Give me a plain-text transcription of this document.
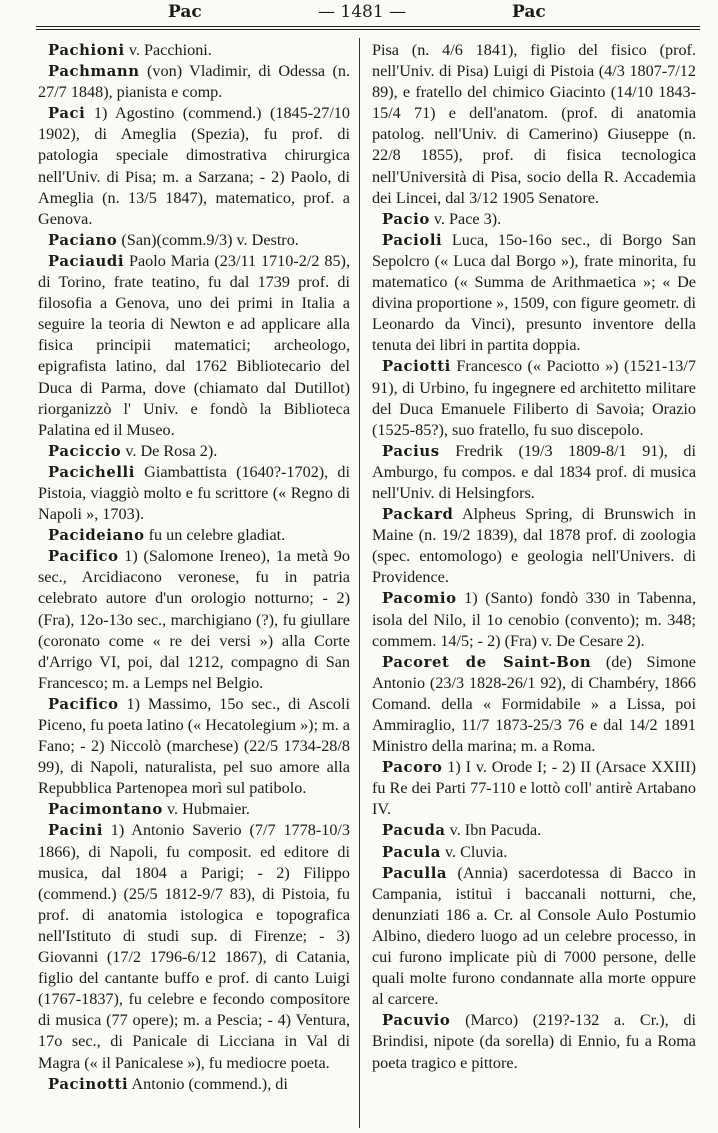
Pac	— 1481 —	Pac

Pachioni v. Pacchioni.

Pachmann (von) Vladimir, di Odessa (n. 27/7 1848), pianista e comp.

Paci 1) Agostino (commend.) (1845-27/10 1902), di Ameglia (Spezia), fu prof. di patologia speciale dimostrativa chirurgica nell'Univ. di Pisa; m. a Sarzana; - 2) Paolo, di Ameglia (n. 13/5 1847), matematico, prof. a Genova.

Paciano (San)(comm.9/3) v. Destro.

Paciaudi Paolo Maria (23/11 1710-2/2 85), di Torino, frate teatino, fu dal 1739 prof. di filosofia a Genova, uno dei primi in Italia a seguire la teoria di Newton e ad applicare alla fisica principii matematici; archeologo, epigrafista latino, dal 1762 Bibliotecario del Duca di Parma, dove (chiamato dal Dutillot) riorganizzò l' Univ. e fondò la Biblioteca Palatina ed il Museo.

Paciccio v. De Rosa 2).

Pacichelli Giambattista (1640?-1702), di Pistoia, viaggiò molto e fu scrittore (« Regno di Napoli », 1703).

Pacideiano fu un celebre gladiat.

Pacifico 1) (Salomone Ireneo), 1a metà 9o sec., Arcidiacono veronese, fu in patria celebrato autore d'un orologio notturno; - 2) (Fra), 12o-13o sec., marchigiano (?), fu giullare (coronato come « re dei versi ») alla Corte d'Arrigo VI, poi, dal 1212, compagno di San Francesco; m. a Lemps nel Belgio.

Pacifico 1) Massimo, 15o sec., di Ascoli Piceno, fu poeta latino (« Hecatolegium »); m. a Fano; - 2) Niccolò (marchese) (22/5 1734-28/8 99), di Napoli, naturalista, pel suo amore alla Repubblica Partenopea morì sul patibolo.

Pacimontano v. Hubmaier.

Pacini 1) Antonio Saverio (7/7 1778-10/3 1866), di Napoli, fu composit. ed editore di musica, dal 1804 a Parigi; - 2) Filippo (commend.) (25/5 1812-9/7 83), di Pistoia, fu prof. di anatomia istologica e topografica nell'Istituto di studi sup. di Firenze; - 3) Giovanni (17/2 1796-6/12 1867), di Catania, figlio del cantante buffo e prof. di canto Luigi (1767-1837), fu celebre e fecondo compositore di musica (77 opere); m. a Pescia; - 4) Ventura, 17o sec., di Panicale di Licciana in Val di Magra (« il Panicalese »), fu mediocre poeta.

Pacinotti Antonio (commend.), di

Pisa (n. 4/6 1841), figlio del fisico (prof. nell'Univ. di Pisa) Luigi di Pistoia (4/3 1807-7/12 89), e fratello del chimico Giacinto (14/10 1843-15/4 71) e dell'anatom. (prof. di anatomia patolog. nell'Univ. di Camerino) Giuseppe (n. 22/8 1855), prof. di fisica tecnologica nell'Università di Pisa, socio della R. Accademia dei Lincei, dal 3/12 1905 Senatore.

Pacio v. Pace 3).

Pacioli Luca, 15o-16o sec., di Borgo San Sepolcro (« Luca dal Borgo »), frate minorita, fu matematico (« Summa de Arithmaetica »; « De divina proportione », 1509, con figure geometr. di Leonardo da Vinci), presunto inventore della tenuta dei libri in partita doppia.

Paciotti Francesco (« Paciotto ») (1521-13/7 91), di Urbino, fu ingegnere ed architetto militare del Duca Emanuele Filiberto di Savoia; Orazio (1525-85?), suo fratello, fu suo discepolo.

Pacius Fredrik (19/3 1809-8/1 91), di Amburgo, fu compos. e dal 1834 prof. di musica nell'Univ. di Helsingfors.

Packard Alpheus Spring, di Brunswich in Maine (n. 19/2 1839), dal 1878 prof. di zoologia (spec. entomologo) e geologia nell'Univers. di Providence.

Pacomio 1) (Santo) fondò 330 in Tabenna, isola del Nilo, il 1o cenobio (convento); m. 348; commem. 14/5; - 2) (Fra) v. De Cesare 2).

Pacoret de Saint-Bon (de) Simone Antonio (23/3 1828-26/1 92), di Chambéry, 1866 Comand. della « Formidabile » a Lissa, poi Ammiraglio, 11/7 1873-25/3 76 e dal 14/2 1891 Ministro della marina; m. a Roma.

Pacoro 1) I v. Orode I; - 2) II (Arsace XXIII) fu Re dei Parti 77-110 e lottò coll' antirè Artabano IV.

Pacuda v. Ibn Pacuda.

Pacula v. Cluvia.

Paculla (Annia) sacerdotessa di Bacco in Campania, istituì i baccanali notturni, che, denunziati 186 a. Cr. al Console Aulo Postumio Albino, diedero luogo ad un celebre processo, in cui furono implicate più di 7000 persone, delle quali molte furono condannate alla morte oppure al carcere.

Pacuvio (Marco) (219?-132 a. Cr.), di Brindisi, nipote (da sorella) di Ennio, fu a Roma poeta tragico e pittore.
